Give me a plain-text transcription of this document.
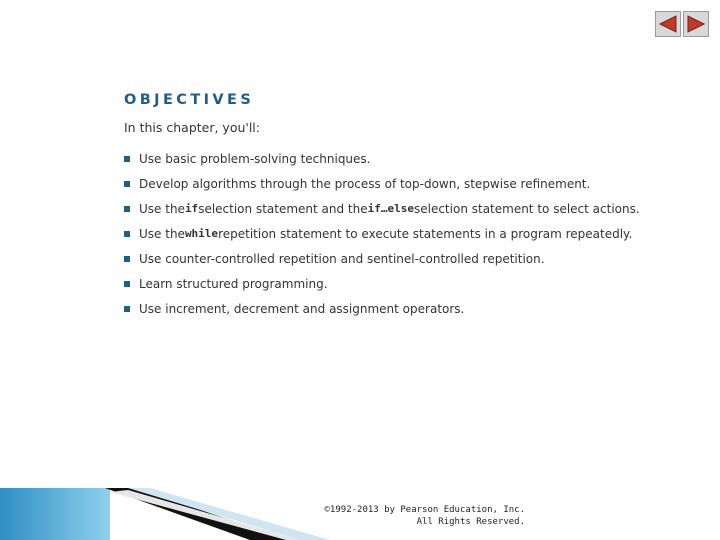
OBJECTIVES
In this chapter, you'll:
Use basic problem-solving techniques.
Develop algorithms through the process of top-down, stepwise refinement.
Use the if selection statement and the if…else selection statement to select actions.
Use the while repetition statement to execute statements in a program repeatedly.
Use counter-controlled repetition and sentinel-controlled repetition.
Learn structured programming.
Use increment, decrement and assignment operators.
©1992-2013 by Pearson Education, Inc.
All Rights Reserved.
